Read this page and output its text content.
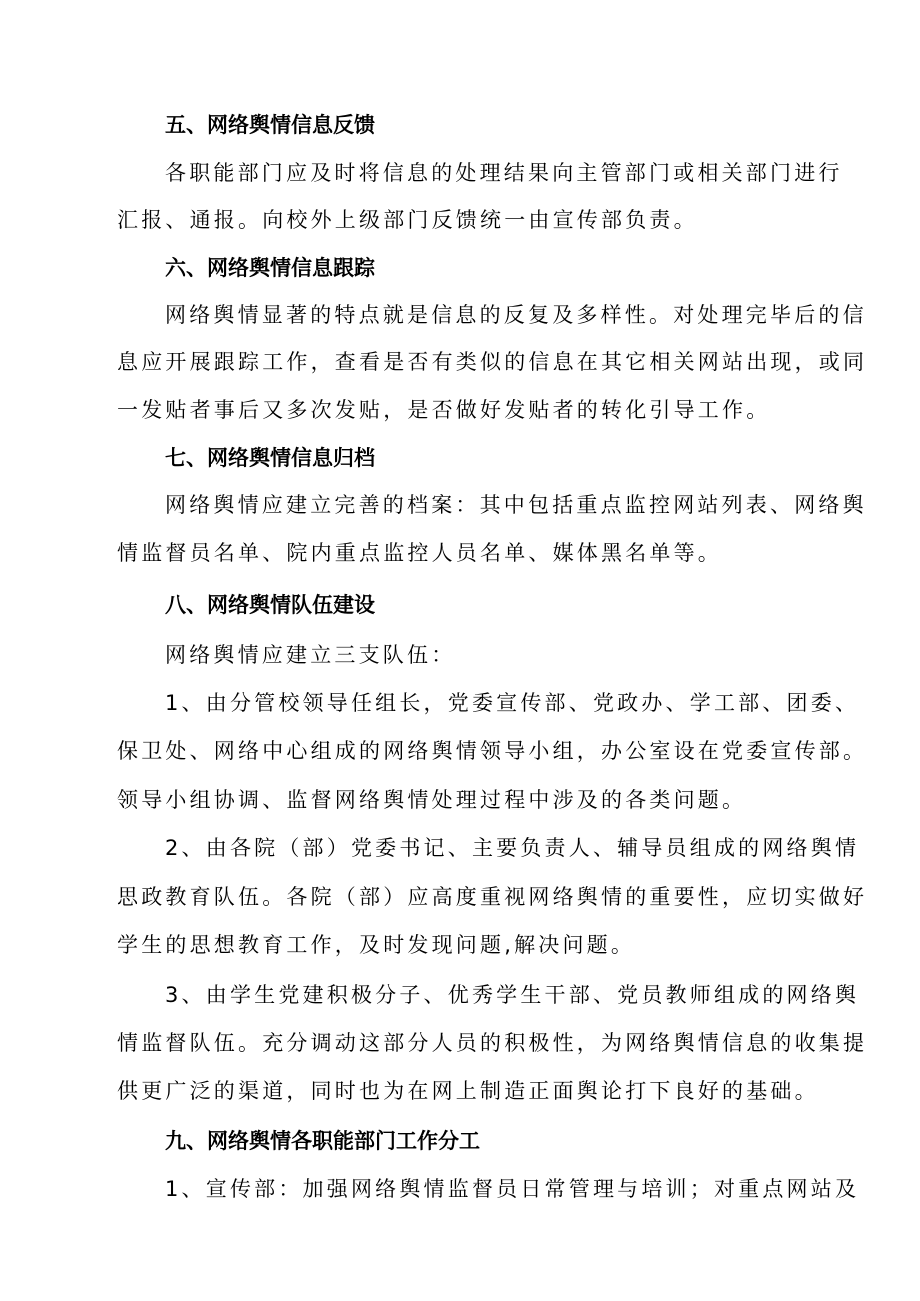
五、网络舆情信息反馈
各职能部门应及时将信息的处理结果向主管部门或相关部门进行
汇报、通报。向校外上级部门反馈统一由宣传部负责。
六、网络舆情信息跟踪
网络舆情显著的特点就是信息的反复及多样性。对处理完毕后的信
息应开展跟踪工作，查看是否有类似的信息在其它相关网站出现，或同
一发贴者事后又多次发贴，是否做好发贴者的转化引导工作。
七、网络舆情信息归档
网络舆情应建立完善的档案：其中包括重点监控网站列表、网络舆
情监督员名单、院内重点监控人员名单、媒体黑名单等。
八、网络舆情队伍建设
网络舆情应建立三支队伍：
1、由分管校领导任组长，党委宣传部、党政办、学工部、团委、
保卫处、网络中心组成的网络舆情领导小组，办公室设在党委宣传部。
领导小组协调、监督网络舆情处理过程中涉及的各类问题。
2、由各院（部）党委书记、主要负责人、辅导员组成的网络舆情
思政教育队伍。各院（部）应高度重视网络舆情的重要性，应切实做好
学生的思想教育工作，及时发现问题,解决问题。
3、由学生党建积极分子、优秀学生干部、党员教师组成的网络舆
情监督队伍。充分调动这部分人员的积极性，为网络舆情信息的收集提
供更广泛的渠道，同时也为在网上制造正面舆论打下良好的基础。
九、网络舆情各职能部门工作分工
1、宣传部：加强网络舆情监督员日常管理与培训；对重点网站及
